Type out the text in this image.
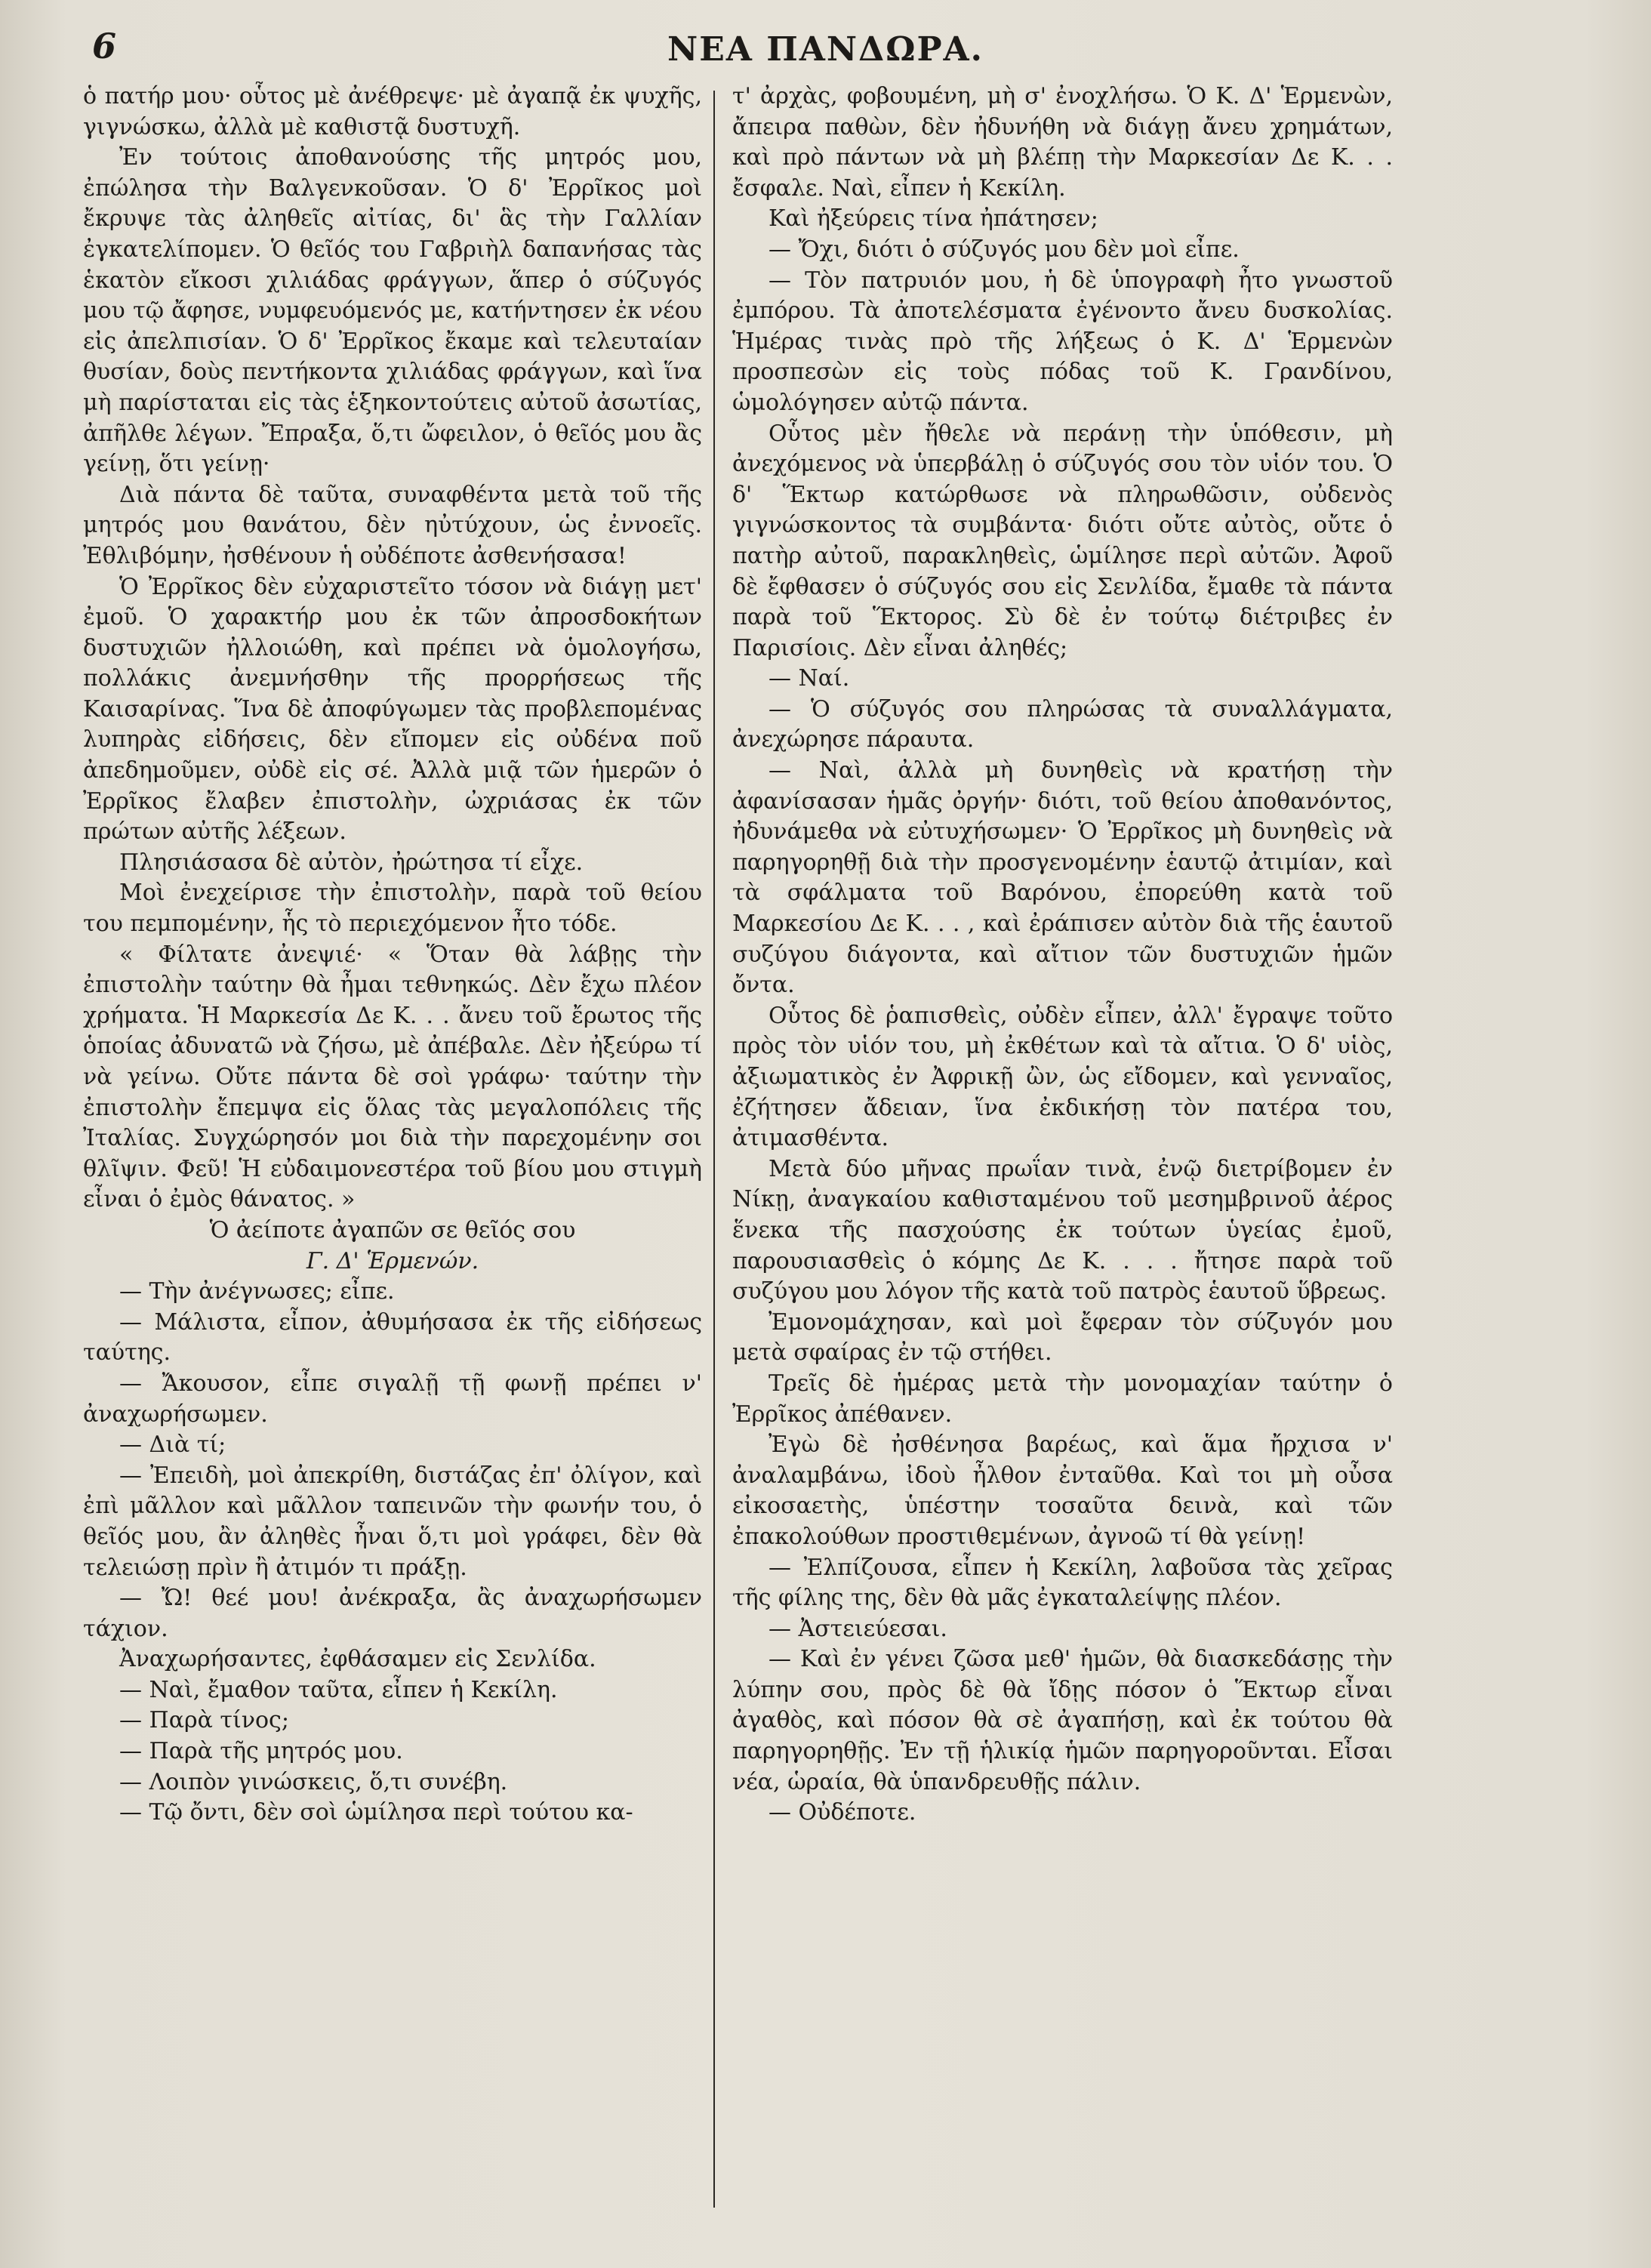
6	ΝΕΑ ΠΑΝΔΩΡΑ.

ὁ πατήρ μου· οὗτος μὲ ἀνέθρεψε· μὲ ἀγαπᾷ ἐκ ψυχῆς, γιγνώσκω, ἀλλὰ μὲ καθιστᾷ δυστυχῆ.

Ἐν τούτοις ἀποθανούσης τῆς μητρός μου, ἐπώλησα τὴν Βαλγενκοῦσαν. Ὁ δ' Ἐρρῖκος μοὶ ἔκρυψε τὰς ἀληθεῖς αἰτίας, δι' ἃς τὴν Γαλλίαν ἐγκατελίπομεν. Ὁ θεῖός του Γαβριὴλ δαπανήσας τὰς ἑκατὸν εἴκοσι χιλιάδας φράγγων, ἅπερ ὁ σύζυγός μου τῷ ἄφησε, νυμφευόμενός με, κατήντησεν ἐκ νέου εἰς ἀπελπισίαν. Ὁ δ' Ἐρρῖκος ἔκαμε καὶ τελευταίαν θυσίαν, δοὺς πεντήκοντα χιλιάδας φράγγων, καὶ ἵνα μὴ παρίσταται εἰς τὰς ἑξηκοντούτεις αὐτοῦ ἀσωτίας, ἀπῆλθε λέγων. Ἔπραξα, ὅ,τι ὤφειλον, ὁ θεῖός μου ἂς γείνῃ, ὅτι γείνῃ·

Διὰ πάντα δὲ ταῦτα, συναφθέντα μετὰ τοῦ τῆς μητρός μου θανάτου, δὲν ηὐτύχουν, ὡς ἐννοεῖς. Ἐθλιβόμην, ἠσθένουν ἡ οὐδέποτε ἀσθενήσασα!

Ὁ Ἐρρῖκος δὲν εὐχαριστεῖτο τόσον νὰ διάγῃ μετ' ἐμοῦ. Ὁ χαρακτήρ μου ἐκ τῶν ἀπροσδοκήτων δυστυχιῶν ἠλλοιώθη, καὶ πρέπει νὰ ὁμολογήσω, πολλάκις ἀνεμνήσθην τῆς προρρήσεως τῆς Καισαρίνας. Ἵνα δὲ ἀποφύγωμεν τὰς προβλεπομένας λυπηρὰς εἰδήσεις, δὲν εἴπομεν εἰς οὐδένα ποῦ ἀπεδημοῦμεν, οὐδὲ εἰς σέ. Ἀλλὰ μιᾷ τῶν ἡμερῶν ὁ Ἐρρῖκος ἔλαβεν ἐπιστολὴν, ὠχριάσας ἐκ τῶν πρώτων αὐτῆς λέξεων.

Πλησιάσασα δὲ αὐτὸν, ἠρώτησα τί εἶχε.

Μοὶ ἐνεχείρισε τὴν ἐπιστολὴν, παρὰ τοῦ θείου του πεμπομένην, ἧς τὸ περιεχόμενον ἦτο τόδε.

« Φίλτατε ἀνεψιέ· « Ὅταν θὰ λάβῃς τὴν ἐπιστολὴν ταύτην θὰ ἦμαι τεθνηκώς. Δὲν ἔχω πλέον χρήματα. Ἡ Μαρκεσία Δε Κ. . . ἄνευ τοῦ ἔρωτος τῆς ὁποίας ἀδυνατῶ νὰ ζήσω, μὲ ἀπέβαλε. Δὲν ἠξεύρω τί νὰ γείνω. Οὔτε πάντα δὲ σοὶ γράφω· ταύτην τὴν ἐπιστολὴν ἔπεμψα εἰς ὅλας τὰς μεγαλοπόλεις τῆς Ἰταλίας. Συγχώρησόν μοι διὰ τὴν παρεχομένην σοι θλῖψιν. Φεῦ! Ἡ εὐδαιμονεστέρα τοῦ βίου μου στιγμὴ εἶναι ὁ ἐμὸς θάνατος. »

Ὁ ἀείποτε ἀγαπῶν σε θεῖός σου

Γ. Δ' Ἑρμενών.

— Τὴν ἀνέγνωσες; εἶπε.

— Μάλιστα, εἶπον, ἀθυμήσασα ἐκ τῆς εἰδήσεως ταύτης.

— Ἄκουσον, εἶπε σιγαλῇ τῇ φωνῇ πρέπει ν' ἀναχωρήσωμεν.

— Διὰ τί;

— Ἐπειδὴ, μοὶ ἀπεκρίθη, διστάζας ἐπ' ὀλίγον, καὶ ἐπὶ μᾶλλον καὶ μᾶλλον ταπεινῶν τὴν φωνήν του, ὁ θεῖός μου, ἂν ἀληθὲς ἦναι ὅ,τι μοὶ γράφει, δὲν θὰ τελειώσῃ πρὶν ἢ ἀτιμόν τι πράξῃ.

— Ὤ! θεέ μου! ἀνέκραξα, ἂς ἀναχωρήσωμεν τάχιον.

Ἀναχωρήσαντες, ἐφθάσαμεν εἰς Σενλίδα.

— Ναὶ, ἔμαθον ταῦτα, εἶπεν ἡ Κεκίλη.

— Παρὰ τίνος;

— Παρὰ τῆς μητρός μου.

— Λοιπὸν γινώσκεις, ὅ,τι συνέβη.

— Τῷ ὄντι, δὲν σοὶ ὡμίλησα περὶ τούτου κα-

τ' ἀρχὰς, φοβουμένη, μὴ σ' ἐνοχλήσω. Ὁ Κ. Δ' Ἑρμενὼν, ἄπειρα παθὼν, δὲν ἠδυνήθη νὰ διάγῃ ἄνευ χρημάτων, καὶ πρὸ πάντων νὰ μὴ βλέπῃ τὴν Μαρκεσίαν Δε Κ. . . ἔσφαλε. Ναὶ, εἶπεν ἡ Κεκίλη.

Καὶ ἠξεύρεις τίνα ἠπάτησεν;

— Ὄχι, διότι ὁ σύζυγός μου δὲν μοὶ εἶπε.

— Τὸν πατρυιόν μου, ἡ δὲ ὑπογραφὴ ἦτο γνωστοῦ ἐμπόρου. Τὰ ἀποτελέσματα ἐγένοντο ἄνευ δυσκολίας. Ἡμέρας τινὰς πρὸ τῆς λήξεως ὁ Κ. Δ' Ἑρμενὼν προσπεσὼν εἰς τοὺς πόδας τοῦ Κ. Γρανδίνου, ὡμολόγησεν αὐτῷ πάντα.

Οὗτος μὲν ἤθελε νὰ περάνῃ τὴν ὑπόθεσιν, μὴ ἀνεχόμενος νὰ ὑπερβάλῃ ὁ σύζυγός σου τὸν υἱόν του. Ὁ δ' Ἕκτωρ κατώρθωσε νὰ πληρωθῶσιν, οὐδενὸς γιγνώσκοντος τὰ συμβάντα· διότι οὔτε αὐτὸς, οὔτε ὁ πατὴρ αὐτοῦ, παρακληθεὶς, ὡμίλησε περὶ αὐτῶν. Ἀφοῦ δὲ ἔφθασεν ὁ σύζυγός σου εἰς Σενλίδα, ἔμαθε τὰ πάντα παρὰ τοῦ Ἕκτορος. Σὺ δὲ ἐν τούτῳ διέτριβες ἐν Παρισίοις. Δὲν εἶναι ἀληθές;

— Ναί.

— Ὁ σύζυγός σου πληρώσας τὰ συναλλάγματα, ἀνεχώρησε πάραυτα.

— Ναὶ, ἀλλὰ μὴ δυνηθεὶς νὰ κρατήσῃ τὴν ἀφανίσασαν ἡμᾶς ὀργήν· διότι, τοῦ θείου ἀποθανόντος, ἠδυνάμεθα νὰ εὐτυχήσωμεν· Ὁ Ἐρρῖκος μὴ δυνηθεὶς νὰ παρηγορηθῇ διὰ τὴν προσγενομένην ἑαυτῷ ἀτιμίαν, καὶ τὰ σφάλματα τοῦ Βαρόνου, ἐπορεύθη κατὰ τοῦ Μαρκεσίου Δε Κ. . . , καὶ ἐράπισεν αὐτὸν διὰ τῆς ἑαυτοῦ συζύγου διάγοντα, καὶ αἴτιον τῶν δυστυχιῶν ἡμῶν ὄντα.

Οὗτος δὲ ῥαπισθεὶς, οὐδὲν εἶπεν, ἀλλ' ἔγραψε τοῦτο πρὸς τὸν υἱόν του, μὴ ἐκθέτων καὶ τὰ αἴτια. Ὁ δ' υἱὸς, ἀξιωματικὸς ἐν Ἀφρικῇ ὢν, ὡς εἴδομεν, καὶ γενναῖος, ἐζήτησεν ἄδειαν, ἵνα ἐκδικήσῃ τὸν πατέρα του, ἀτιμασθέντα.

Μετὰ δύο μῆνας πρωΐαν τινὰ, ἐνῷ διετρίβομεν ἐν Νίκῃ, ἀναγκαίου καθισταμένου τοῦ μεσημβρινοῦ ἀέρος ἕνεκα τῆς πασχούσης ἐκ τούτων ὑγείας ἐμοῦ, παρουσιασθεὶς ὁ κόμης Δε Κ. . . . ἤτησε παρὰ τοῦ συζύγου μου λόγον τῆς κατὰ τοῦ πατρὸς ἑαυτοῦ ὕβρεως.

Ἐμονομάχησαν, καὶ μοὶ ἔφεραν τὸν σύζυγόν μου μετὰ σφαίρας ἐν τῷ στήθει.

Τρεῖς δὲ ἡμέρας μετὰ τὴν μονομαχίαν ταύτην ὁ Ἐρρῖκος ἀπέθανεν.

Ἐγὼ δὲ ἠσθένησα βαρέως, καὶ ἅμα ἤρχισα ν' ἀναλαμβάνω, ἰδοὺ ἦλθον ἐνταῦθα. Καὶ τοι μὴ οὖσα εἰκοσαετὴς, ὑπέστην τοσαῦτα δεινὰ, καὶ τῶν ἐπακολούθων προστιθεμένων, ἀγνοῶ τί θὰ γείνῃ!

— Ἐλπίζουσα, εἶπεν ἡ Κεκίλη, λαβοῦσα τὰς χεῖρας τῆς φίλης της, δὲν θὰ μᾶς ἐγκαταλείψῃς πλέον.

— Ἀστειεύεσαι.

— Καὶ ἐν γένει ζῶσα μεθ' ἡμῶν, θὰ διασκεδάσῃς τὴν λύπην σου, πρὸς δὲ θὰ ἴδῃς πόσον ὁ Ἕκτωρ εἶναι ἀγαθὸς, καὶ πόσον θὰ σὲ ἀγαπήσῃ, καὶ ἐκ τούτου θὰ παρηγορηθῇς. Ἐν τῇ ἡλικίᾳ ἡμῶν παρηγοροῦνται. Εἶσαι νέα, ὡραία, θὰ ὑπανδρευθῇς πάλιν.

— Οὐδέποτε.
